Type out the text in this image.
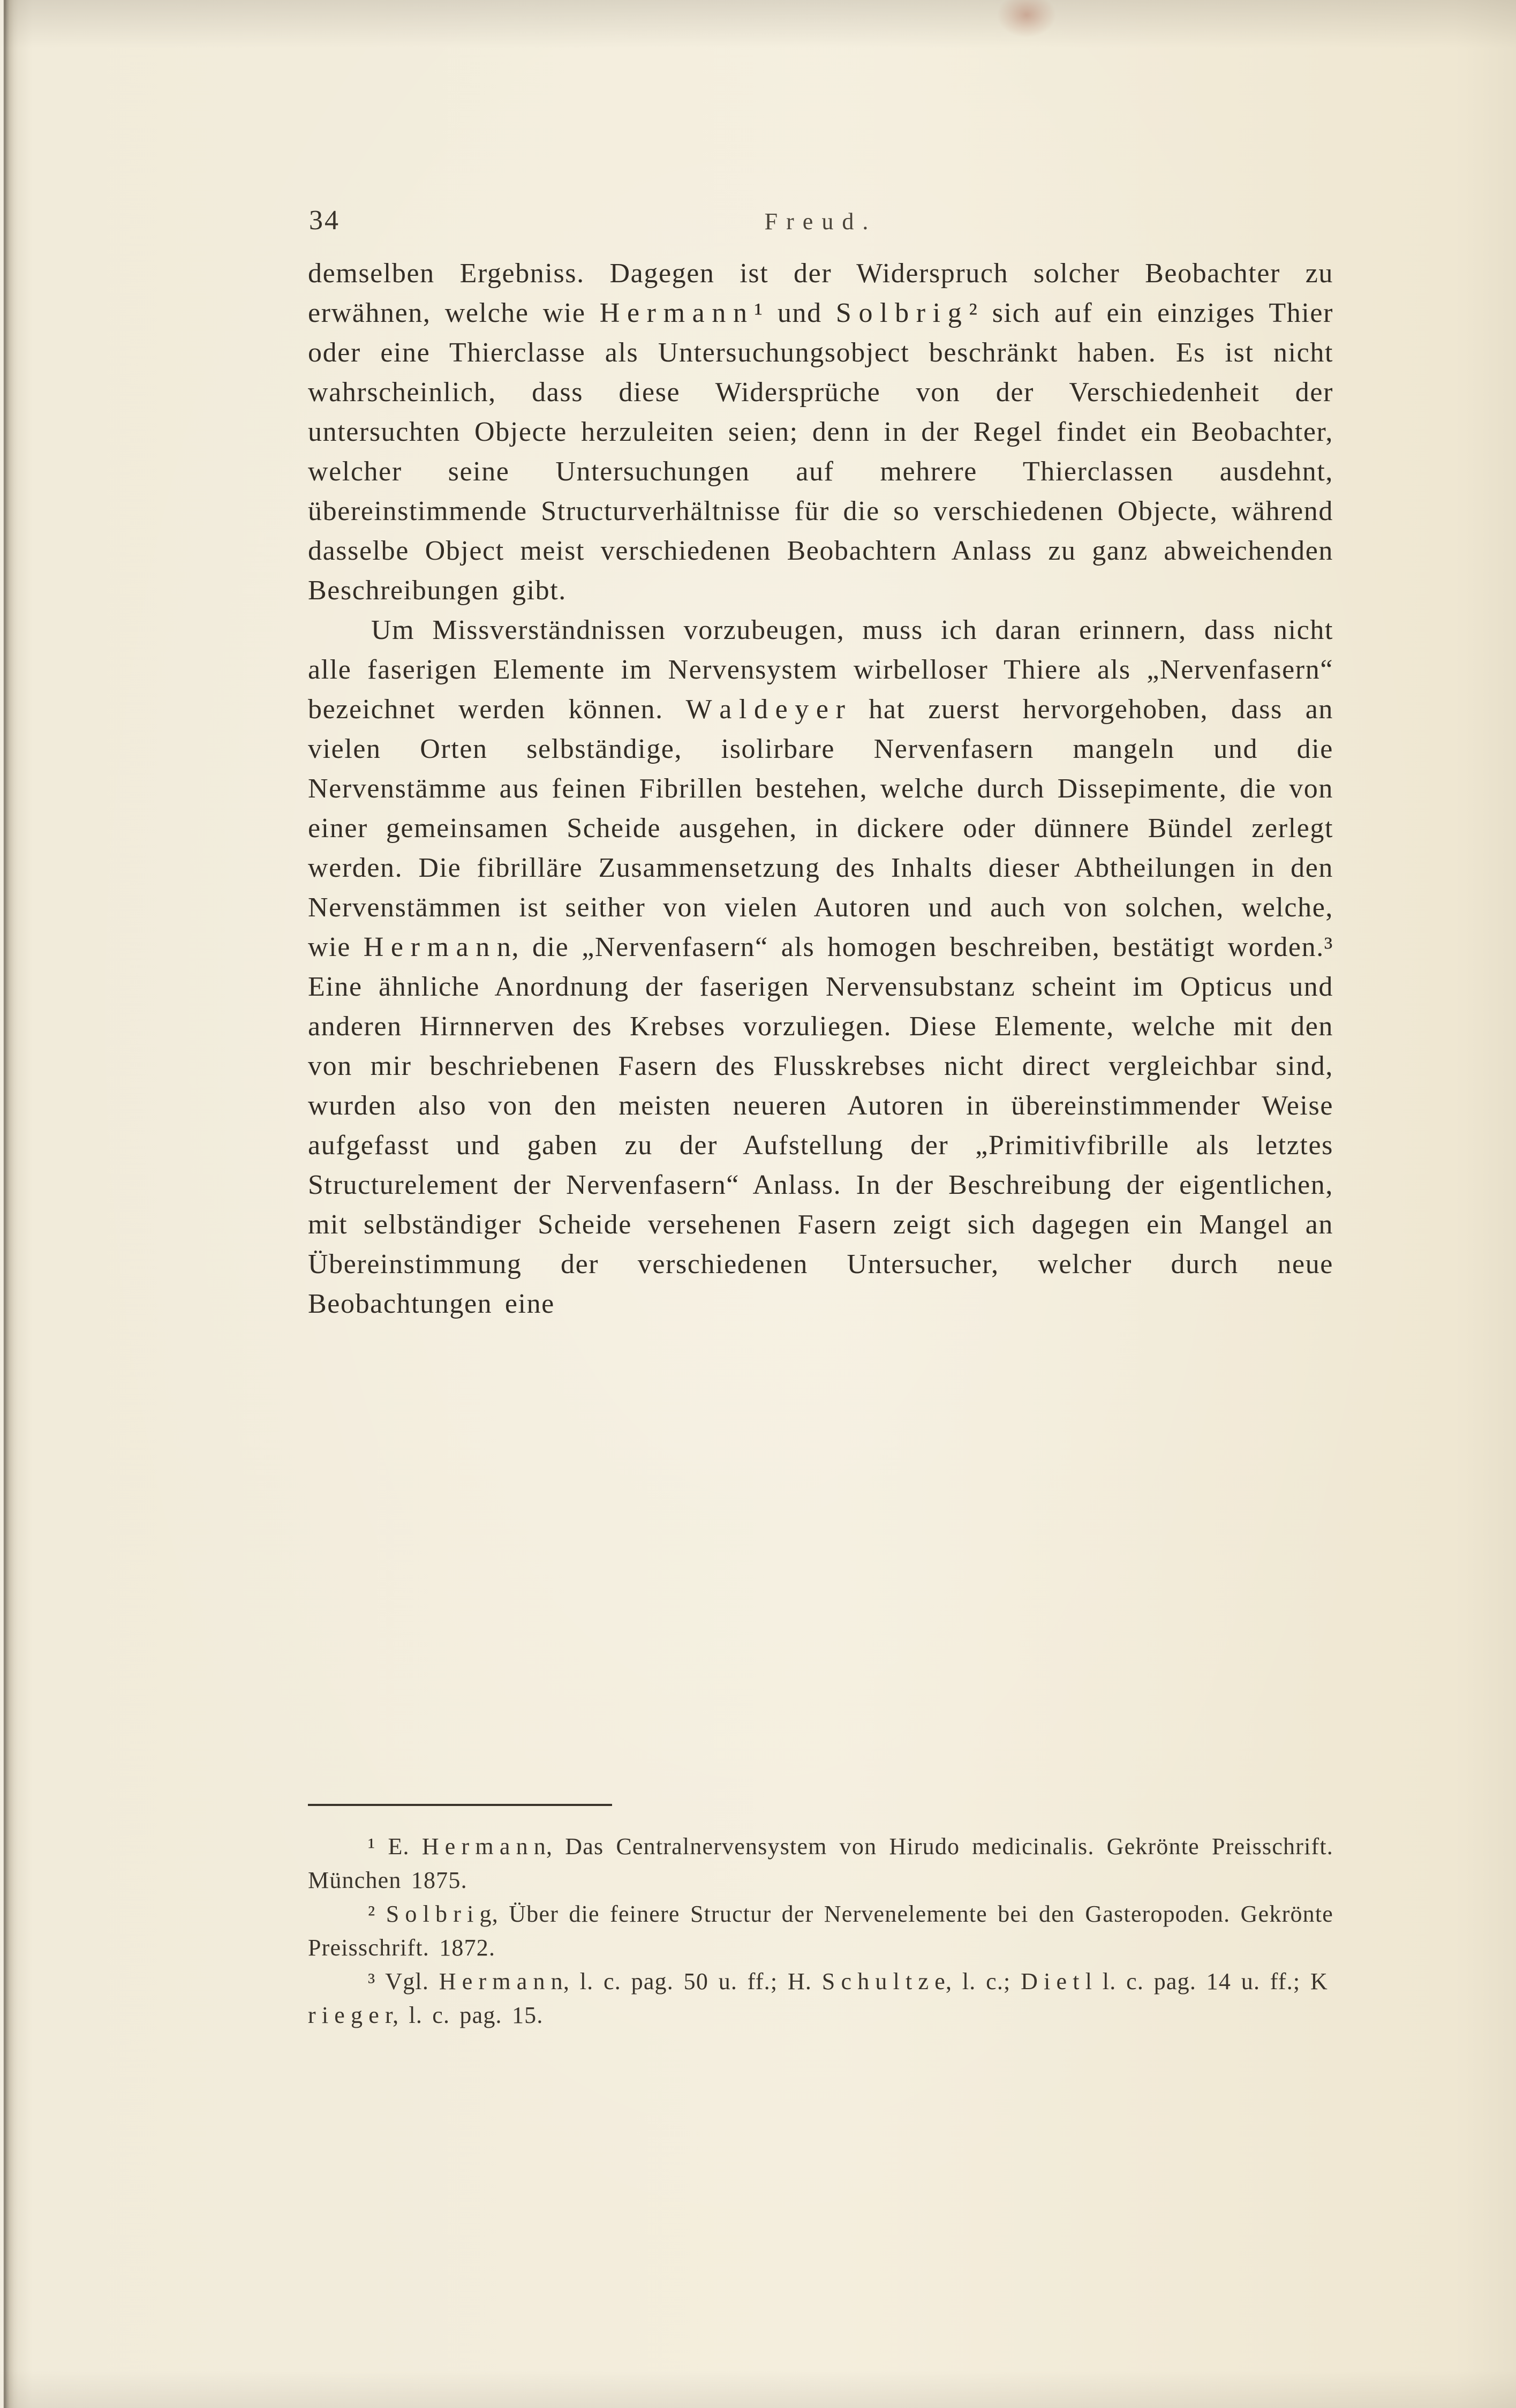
34	Freud.

demselben Ergebniss. Dagegen ist der Widerspruch solcher Beobachter zu erwähnen, welche wie H e r m a n n ¹ und S o l b r i g ² sich auf ein einziges Thier oder eine Thierclasse als Untersuchungsobject beschränkt haben. Es ist nicht wahrscheinlich, dass diese Widersprüche von der Verschiedenheit der untersuchten Objecte herzuleiten seien; denn in der Regel findet ein Beobachter, welcher seine Untersuchungen auf mehrere Thierclassen ausdehnt, übereinstimmende Structurverhältnisse für die so verschiedenen Objecte, während dasselbe Object meist verschiedenen Beobachtern Anlass zu ganz abweichenden Beschreibungen gibt.

Um Missverständnissen vorzubeugen, muss ich daran erinnern, dass nicht alle faserigen Elemente im Nervensystem wirbelloser Thiere als „Nervenfasern“ bezeichnet werden können. W a l d e y e r hat zuerst hervorgehoben, dass an vielen Orten selbständige, isolirbare Nervenfasern mangeln und die Nervenstämme aus feinen Fibrillen bestehen, welche durch Dissepimente, die von einer gemeinsamen Scheide ausgehen, in dickere oder dünnere Bündel zerlegt werden. Die fibrilläre Zusammensetzung des Inhalts dieser Abtheilungen in den Nervenstämmen ist seither von vielen Autoren und auch von solchen, welche, wie H e r m a n n, die „Nervenfasern“ als homogen beschreiben, bestätigt worden.³ Eine ähnliche Anordnung der faserigen Nervensubstanz scheint im Opticus und anderen Hirnnerven des Krebses vorzuliegen. Diese Elemente, welche mit den von mir beschriebenen Fasern des Flusskrebses nicht direct vergleichbar sind, wurden also von den meisten neueren Autoren in übereinstimmender Weise aufgefasst und gaben zu der Aufstellung der „Primitivfibrille als letztes Structurelement der Nervenfasern“ Anlass. In der Beschreibung der eigentlichen, mit selbständiger Scheide versehenen Fasern zeigt sich dagegen ein Mangel an Übereinstimmung der verschiedenen Untersucher, welcher durch neue Beobachtungen eine

¹ E. H e r m a n n, Das Centralnervensystem von Hirudo medicinalis. Gekrönte Preisschrift. München 1875.

² S o l b r i g, Über die feinere Structur der Nervenelemente bei den Gasteropoden. Gekrönte Preisschrift. 1872.

³ Vgl. H e r m a n n, l. c. pag. 50 u. ff.; H. S c h u l t z e, l. c.; D i e t l l. c. pag. 14 u. ff.; K r i e g e r, l. c. pag. 15.
